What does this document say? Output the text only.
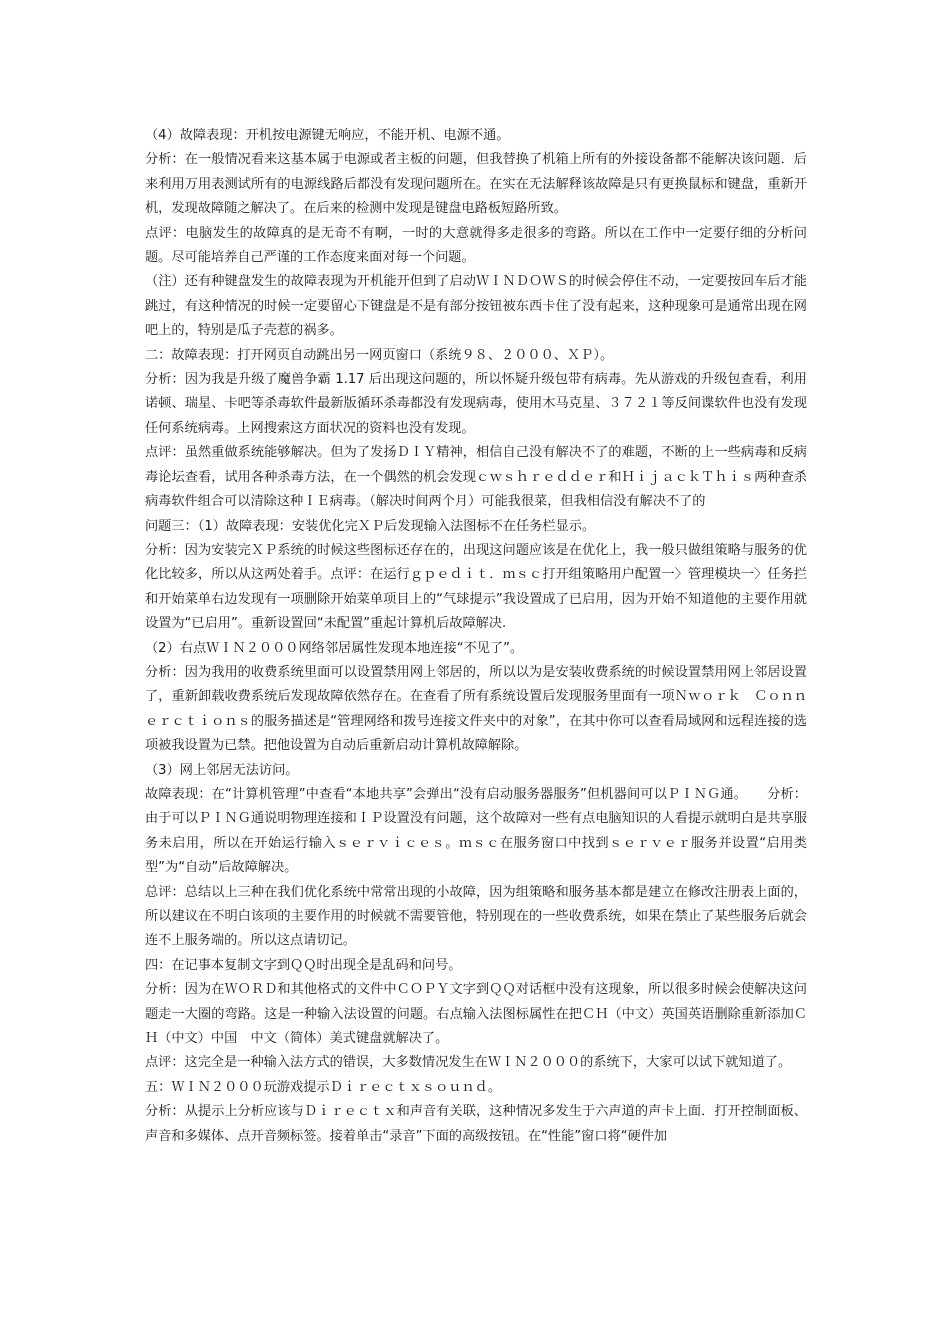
（4）故障表现：开机按电源键无响应，不能开机、电源不通。

分析：在一般情况看来这基本属于电源或者主板的问题，但我替换了机箱上所有的外接设备都不能解决该问题．后来利用万用表测试所有的电源线路后都没有发现问题所在。在实在无法解释该故障是只有更换鼠标和键盘，重新开机，发现故障随之解决了。在后来的检测中发现是键盘电路板短路所致。

点评：电脑发生的故障真的是无奇不有啊，一时的大意就得多走很多的弯路。所以在工作中一定要仔细的分析问题。尽可能培养自己严谨的工作态度来面对每一个问题。

（注）还有种键盘发生的故障表现为开机能开但到了启动ＷＩＮＤＯＷＳ的时候会停住不动，一定要按回车后才能跳过，有这种情况的时候一定要留心下键盘是不是有部分按钮被东西卡住了没有起来，这种现象可是通常出现在网吧上的，特别是瓜子壳惹的祸多。

二：故障表现：打开网页自动跳出另一网页窗口（系统９８、２０００、ＸＰ）。

分析：因为我是升级了魔兽争霸 1.17 后出现这问题的，所以怀疑升级包带有病毒。先从游戏的升级包查看，利用诺顿、瑞星、卡吧等杀毒软件最新版循环杀毒都没有发现病毒，使用木马克星、３７２１等反间谍软件也没有发现任何系统病毒。上网搜索这方面状况的资料也没有发现。

点评：虽然重做系统能够解决。但为了发扬ＤＩＹ精神，相信自己没有解决不了的难题，不断的上一些病毒和反病毒论坛查看，试用各种杀毒方法，在一个偶然的机会发现ｃｗｓｈｒｅｄｄｅｒ和ＨｉｊａｃｋＴｈｉｓ两种查杀病毒软件组合可以清除这种ＩＥ病毒。（解决时间两个月）可能我很菜，但我相信没有解决不了的

问题三：（1）故障表现：安装优化完ＸＰ后发现输入法图标不在任务栏显示。

分析：因为安装完ＸＰ系统的时候这些图标还存在的，出现这问题应该是在优化上，我一般只做组策略与服务的优化比较多，所以从这两处着手。点评：在运行ｇｐｅｄｉｔ．ｍｓｃ打开组策略用户配置一〉管理模块一〉任务拦和开始菜单右边发现有一项删除开始菜单项目上的“气球提示”我设置成了已启用，因为开始不知道他的主要作用就设置为“已启用”。重新设置回“未配置”重起计算机后故障解决.

（2）右点ＷＩＮ２０００网络邻居属性发现本地连接“不见了”。

分析：因为我用的收费系统里面可以设置禁用网上邻居的，所以以为是安装收费系统的时候设置禁用网上邻居设置了，重新卸载收费系统后发现故障依然存在。在查看了所有系统设置后发现服务里面有一项Ｎｗｏｒｋ　Ｃｏｎｎｅｒｃｔｉｏｎｓ的服务描述是“管理网络和拨号连接文件夹中的对象”，在其中你可以查看局域网和远程连接的选项被我设置为已禁。把他设置为自动后重新启动计算机故障解除。

（3）网上邻居无法访问。

故障表现：在“计算机管理”中查看“本地共享”会弹出“没有启动服务器服务”但机器间可以ＰＩＮＧ通。　　分析：由于可以ＰＩＮＧ通说明物理连接和ＩＰ设置没有问题，这个故障对一些有点电脑知识的人看提示就明白是共享服务未启用，所以在开始运行输入ｓｅｒｖｉｃｅｓ。ｍｓｃ在服务窗口中找到ｓｅｒｖｅｒ服务并设置“启用类型”为“自动”后故障解决。

总评：总结以上三种在我们优化系统中常常出现的小故障，因为组策略和服务基本都是建立在修改注册表上面的，所以建议在不明白该项的主要作用的时候就不需要管他，特别现在的一些收费系统，如果在禁止了某些服务后就会连不上服务端的。所以这点请切记。

四：在记事本复制文字到ＱＱ时出现全是乱码和问号。

分析：因为在ＷＯＲＤ和其他格式的文件中ＣＯＰＹ文字到ＱＱ对话框中没有这现象，所以很多时候会使解决这问题走一大圈的弯路。这是一种输入法设置的问题。右点输入法图标属性在把ＣＨ（中文）英国英语删除重新添加ＣＨ（中文）中国　中文（简体）美式键盘就解决了。

点评：这完全是一种输入法方式的错误，大多数情况发生在ＷＩＮ２０００的系统下，大家可以试下就知道了。

五：ＷＩＮ２０００玩游戏提示Ｄｉｒｅｃｔｘｓｏｕｎｄ。

分析：从提示上分析应该与Ｄｉｒｅｃｔｘ和声音有关联，这种情况多发生于六声道的声卡上面．打开控制面板、声音和多媒体、点开音频标签。接着单击“录音”下面的高级按钮。在“性能”窗口将“硬件加
